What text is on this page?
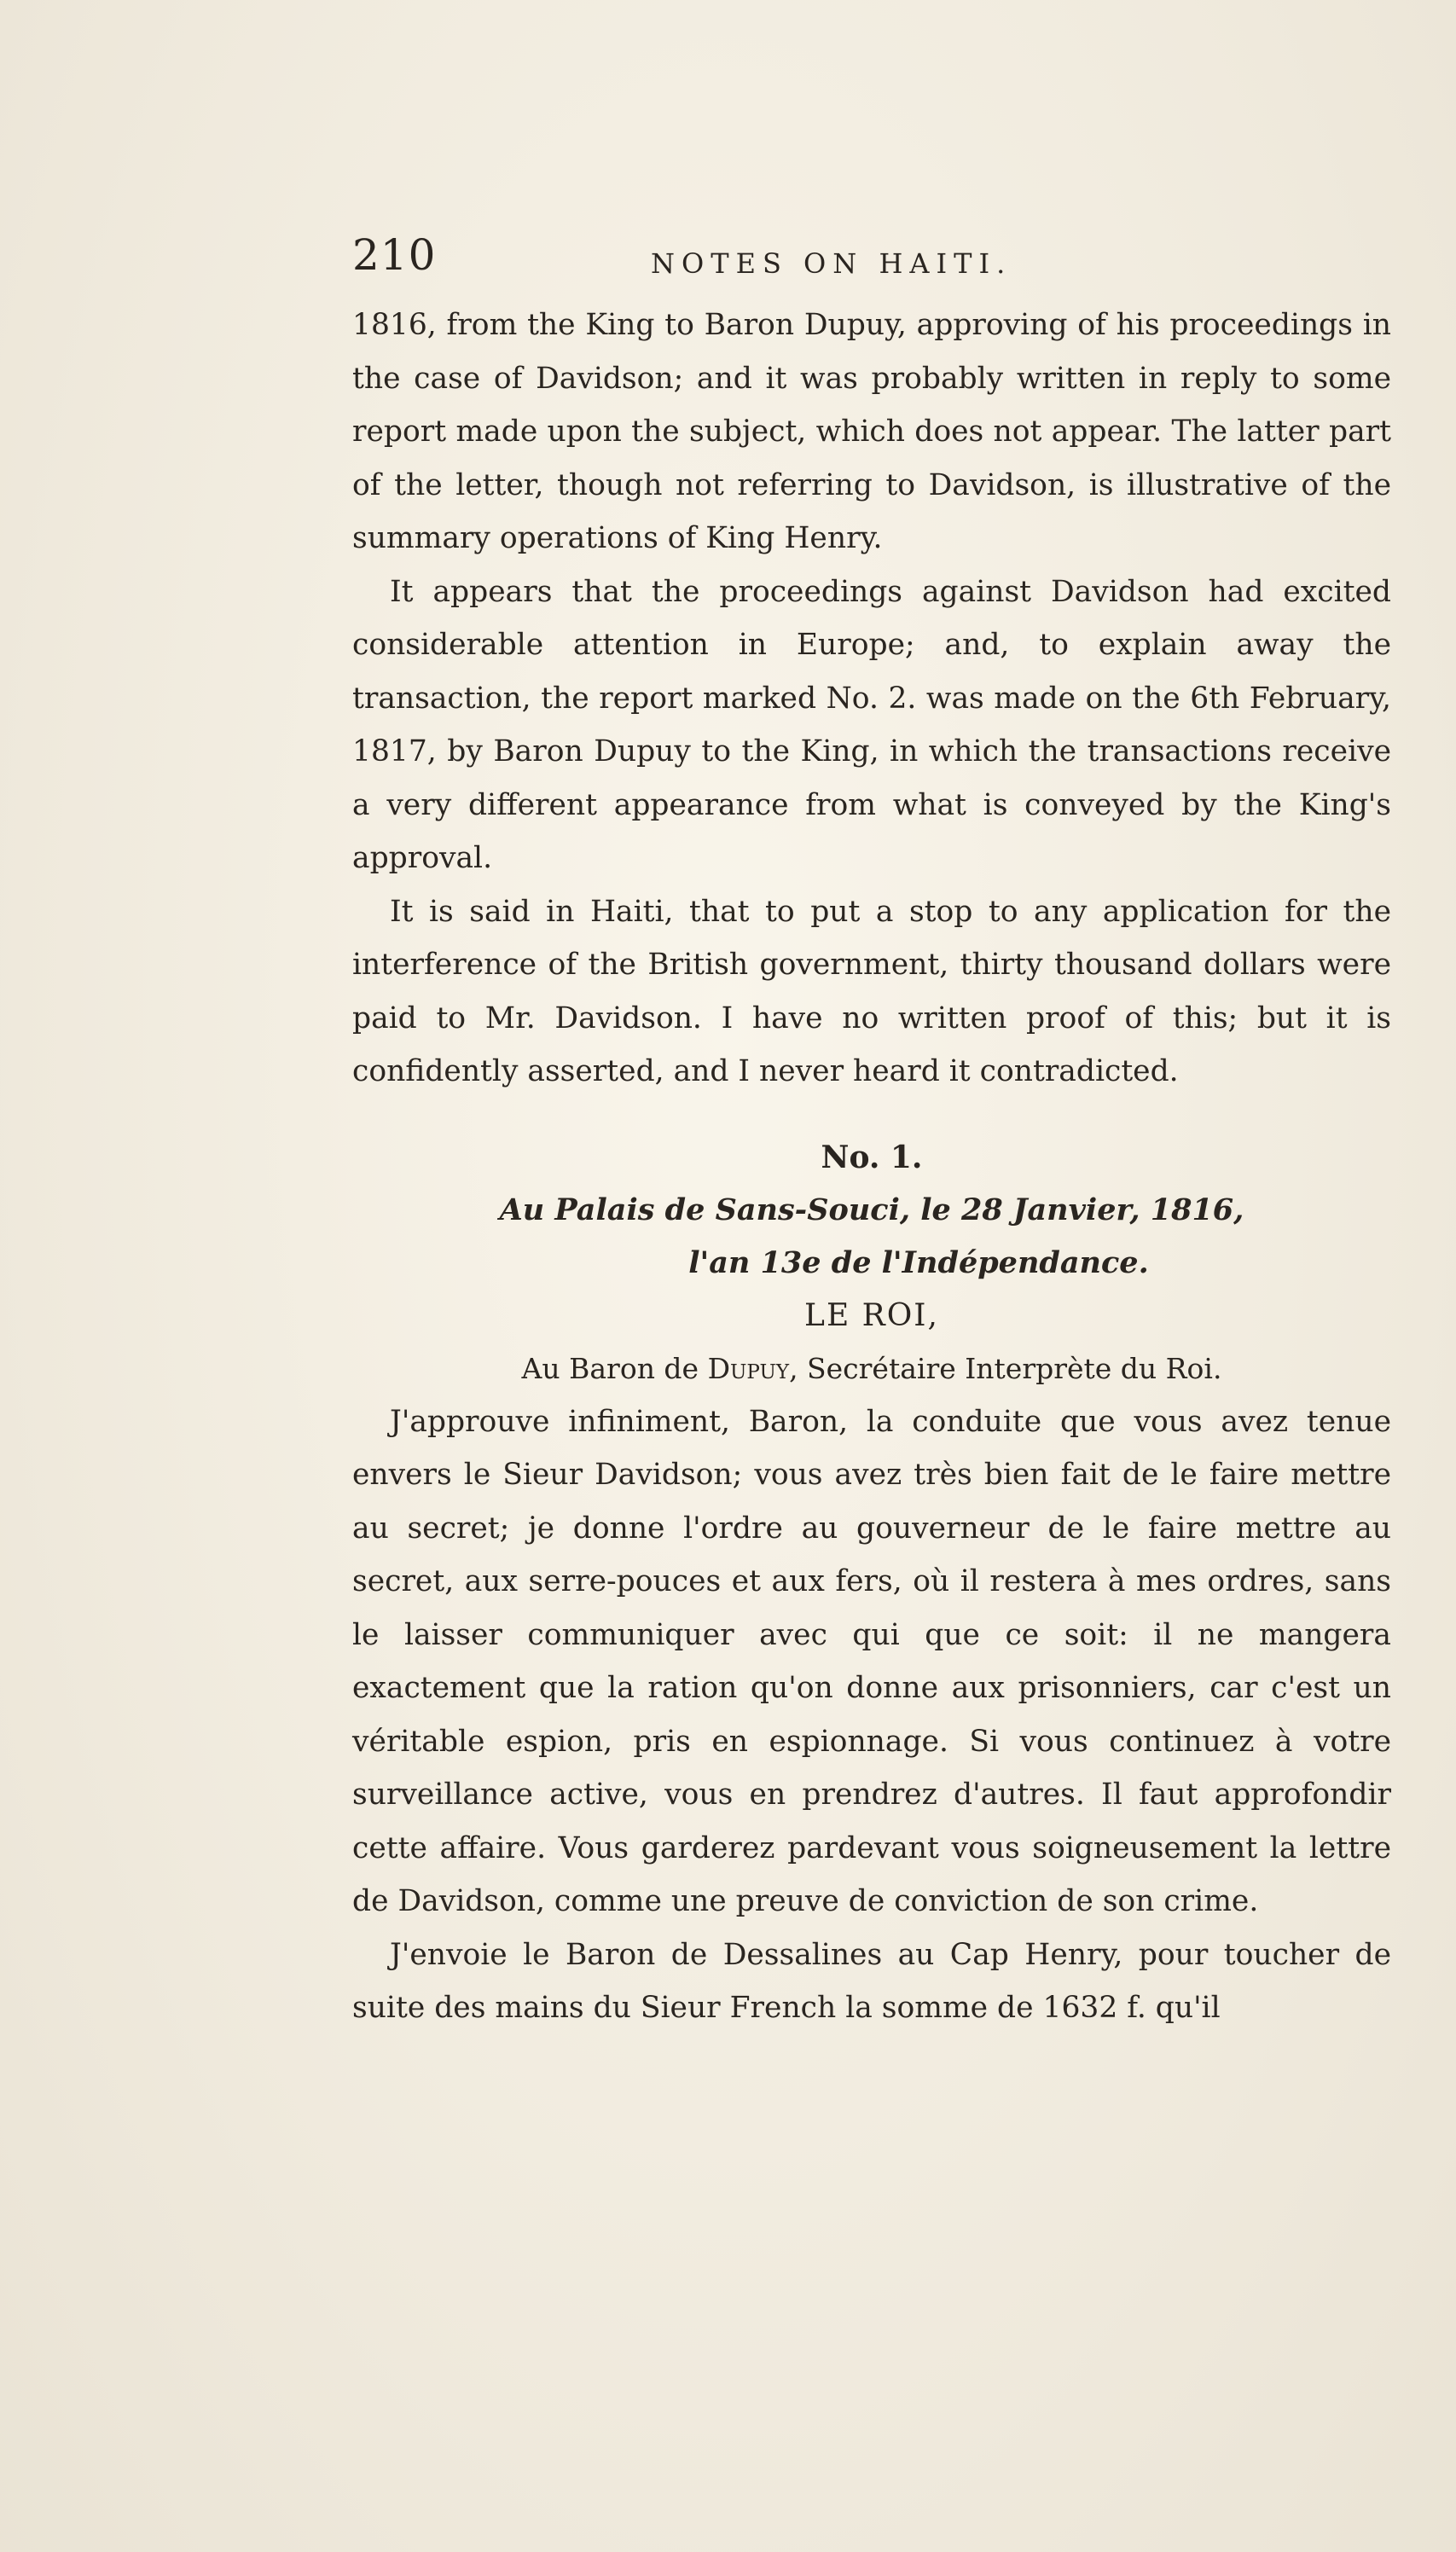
210	NOTES ON HAITI.

1816, from the King to Baron Dupuy, approving of his proceedings in the case of Davidson; and it was probably written in reply to some report made upon the subject, which does not appear. The latter part of the letter, though not referring to Davidson, is illustrative of the summary operations of King Henry.

It appears that the proceedings against Davidson had excited considerable attention in Europe; and, to explain away the transaction, the report marked No. 2. was made on the 6th February, 1817, by Baron Dupuy to the King, in which the transactions receive a very different appearance from what is conveyed by the King's approval.

It is said in Haiti, that to put a stop to any application for the interference of the British government, thirty thousand dollars were paid to Mr. Davidson. I have no written proof of this; but it is confidently asserted, and I never heard it contradicted.

No. 1.

Au Palais de Sans-Souci, le 28 Janvier, 1816,

l'an 13e de l'Indépendance.

LE ROI,

Au Baron de Dupuy, Secrétaire Interprète du Roi.

J'approuve infiniment, Baron, la conduite que vous avez tenue envers le Sieur Davidson; vous avez très bien fait de le faire mettre au secret; je donne l'ordre au gouverneur de le faire mettre au secret, aux serre-pouces et aux fers, où il restera à mes ordres, sans le laisser communiquer avec qui que ce soit: il ne mangera exactement que la ration qu'on donne aux prisonniers, car c'est un véritable espion, pris en espionnage. Si vous continuez à votre surveillance active, vous en prendrez d'autres. Il faut approfondir cette affaire. Vous garderez pardevant vous soigneusement la lettre de Davidson, comme une preuve de conviction de son crime.

J'envoie le Baron de Dessalines au Cap Henry, pour toucher de suite des mains du Sieur French la somme de 1632 f. qu'il
